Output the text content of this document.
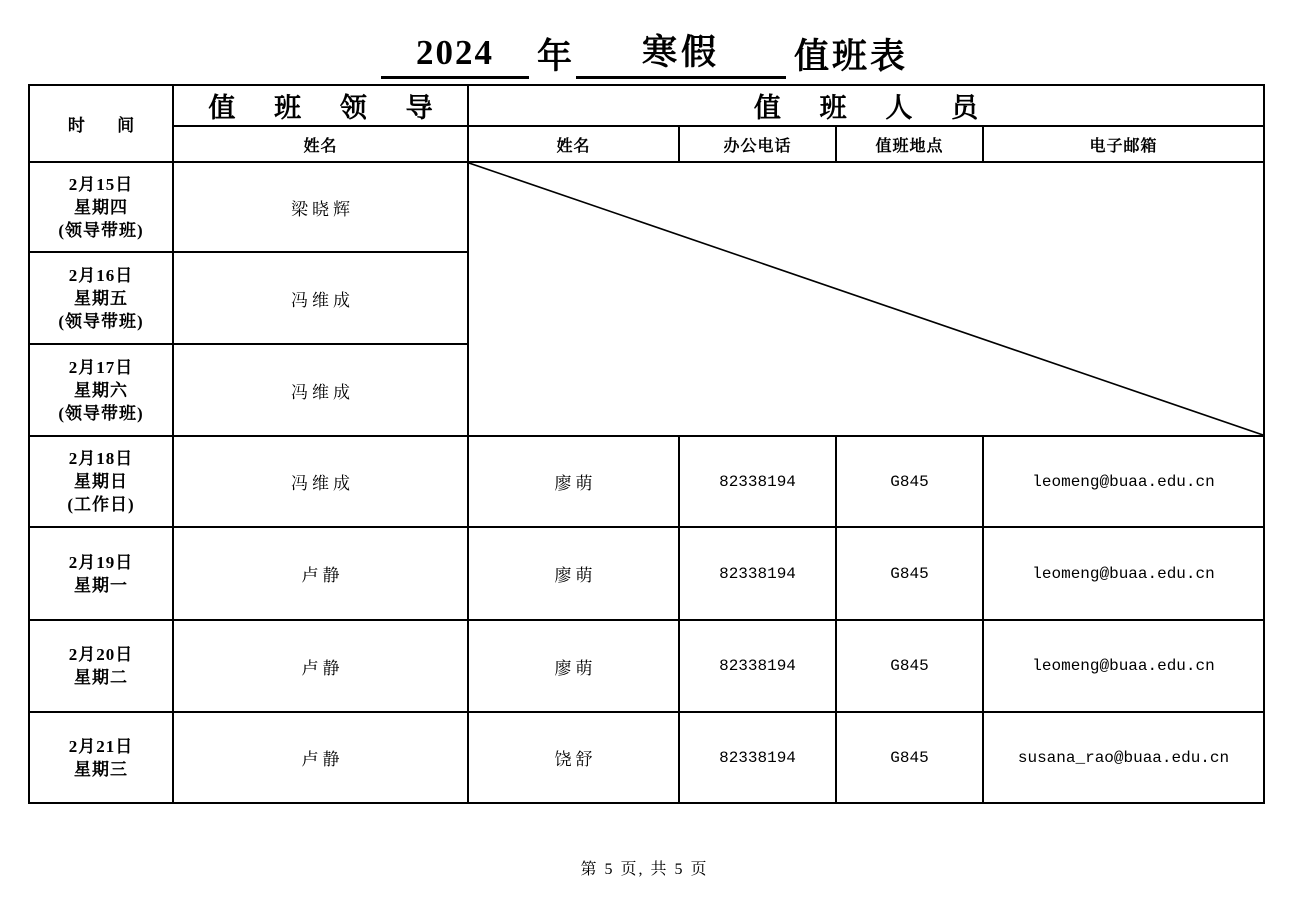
2024 年 寒假 值班表
时 间	值 班 领 导	值 班 人 员			
	姓名	姓名	办公电话	值班地点	电子邮箱

2月15日
星期四
(领导带班)	梁晓辉	

2月16日
星期五
(领导带班)	冯维成				

2月17日
星期六
(领导带班)	冯维成				

2月18日
星期日
(工作日)	冯维成	廖萌	82338194	G845	leomeng@buaa.edu.cn

2月19日
星期一	卢静	廖萌	82338194	G845	leomeng@buaa.edu.cn

2月20日
星期二	卢静	廖萌	82338194	G845	leomeng@buaa.edu.cn

2月21日
星期三	卢静	饶舒	82338194	G845	susana_rao@buaa.edu.cn
第 5 页, 共 5 页
